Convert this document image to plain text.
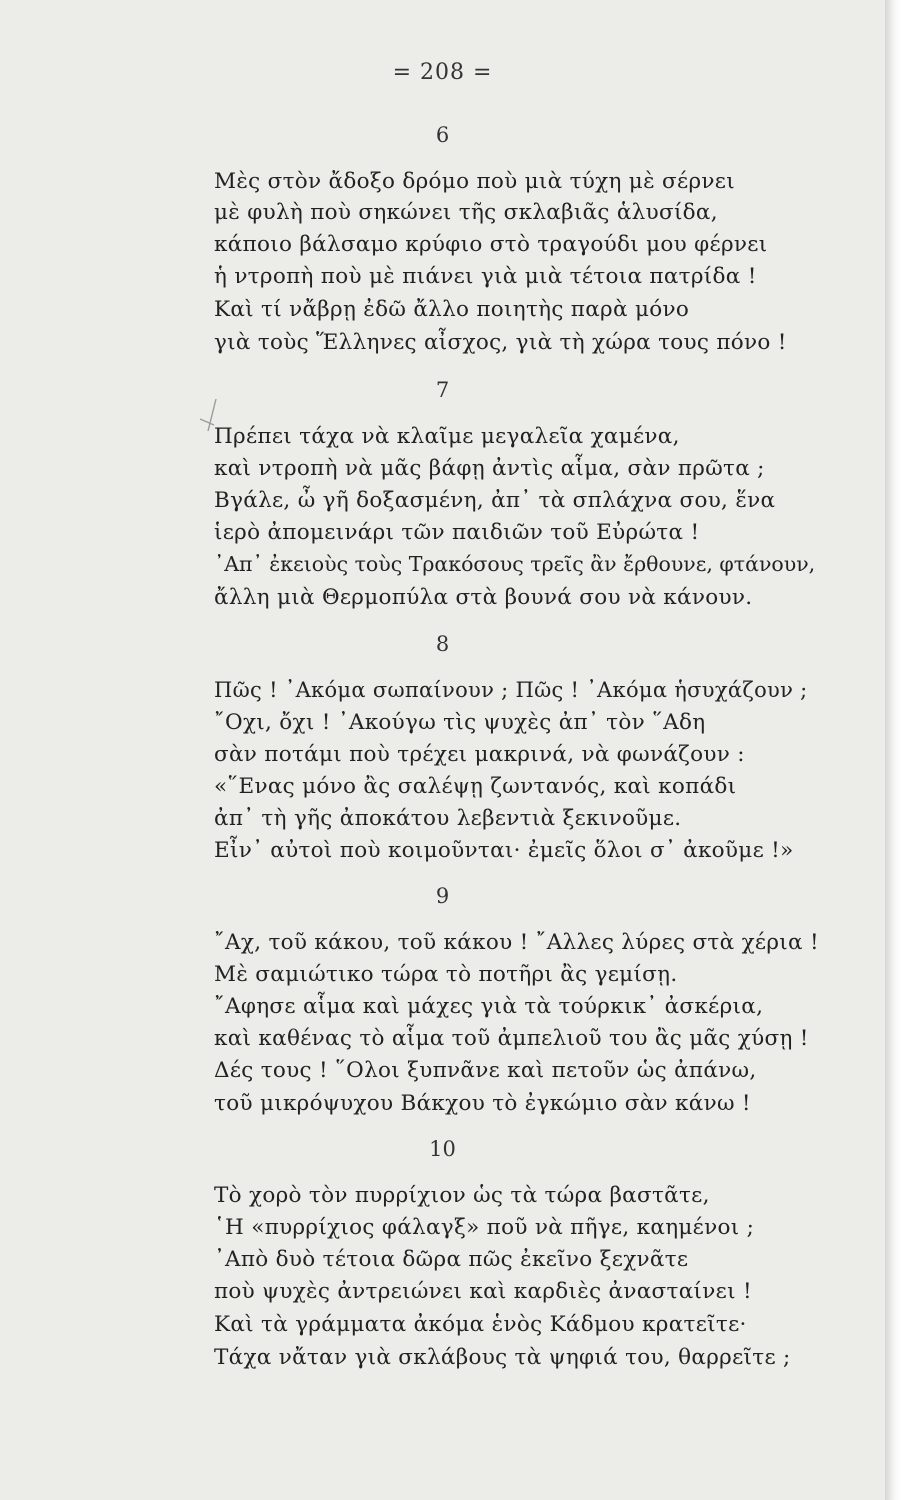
= 208 =
6
Μὲς στὸν ἄδοξο δρόμο ποὺ μιὰ τύχη μὲ σέρνει
μὲ φυλὴ ποὺ σηκώνει τῆς σκλαβιᾶς ἁλυσίδα,
κάποιο βάλσαμο κρύφιο στὸ τραγούδι μου φέρνει
ἡ ντροπὴ ποὺ μὲ πιάνει γιὰ μιὰ τέτοια πατρίδα !
Καὶ τί νἄβρῃ ἐδῶ ἄλλο ποιητὴς παρὰ μόνο
γιὰ τοὺς Ἕλληνες αἶσχος, γιὰ τὴ χώρα τους πόνο !
7
Πρέπει τάχα νὰ κλαῖμε μεγαλεῖα χαμένα,
καὶ ντροπὴ νὰ μᾶς βάφῃ ἀντὶς αἷμα, σὰν πρῶτα ;
Βγάλε, ὦ γῆ δοξασμένη, ἀπ᾽ τὰ σπλάχνα σου, ἕνα
ἱερὸ ἀπομεινάρι τῶν παιδιῶν τοῦ Εὐρώτα !
᾽Απ᾽ ἐκειοὺς τοὺς Τρακόσους τρεῖς ἂν ἔρθουνε, φτάνουν,
ἄλλη μιὰ Θερμοπύλα στὰ βουνά σου νὰ κάνουν.
8
Πῶς ! ᾽Ακόμα σωπαίνουν ; Πῶς ! ᾽Ακόμα ἡσυχάζουν ;
῎Οχι, ὄχι ! ᾽Ακούγω τὶς ψυχὲς ἀπ᾽ τὸν ῞Αδη
σὰν ποτάμι ποὺ τρέχει μακρινά, νὰ φωνάζουν :
«῞Ενας μόνο ἂς σαλέψῃ ζωντανός, καὶ κοπάδι
ἀπ᾽ τὴ γῆς ἀποκάτου λεβεντιὰ ξεκινοῦμε.
Εἶν᾽ αὐτοὶ ποὺ κοιμοῦνται· ἐμεῖς ὅλοι σ᾽ ἀκοῦμε !»
9
῎Αχ, τοῦ κάκου, τοῦ κάκου ! ῎Αλλες λύρες στὰ χέρια !
Μὲ σαμιώτικο τώρα τὸ ποτῆρι ἂς γεμίσῃ.
῎Αφησε αἷμα καὶ μάχες γιὰ τὰ τούρκικ᾽ ἀσκέρια,
καὶ καθένας τὸ αἷμα τοῦ ἀμπελιοῦ του ἂς μᾶς χύσῃ !
Δές τους ! ῞Ολοι ξυπνᾶνε καὶ πετοῦν ὡς ἀπάνω,
τοῦ μικρόψυχου Βάκχου τὸ ἐγκώμιο σὰν κάνω !
10
Τὸ χορὸ τὸν πυρρίχιον ὡς τὰ τώρα βαστᾶτε,
῾Η «πυρρίχιος φάλαγξ» ποῦ νὰ πῆγε, καημένοι ;
᾽Απὸ δυὸ τέτοια δῶρα πῶς ἐκεῖνο ξεχνᾶτε
ποὺ ψυχὲς ἀντρειώνει καὶ καρδιὲς ἀνασταίνει !
Καὶ τὰ γράμματα ἀκόμα ἑνὸς Κάδμου κρατεῖτε·
Τάχα νἄταν γιὰ σκλάβους τὰ ψηφιά του, θαρρεῖτε ;
